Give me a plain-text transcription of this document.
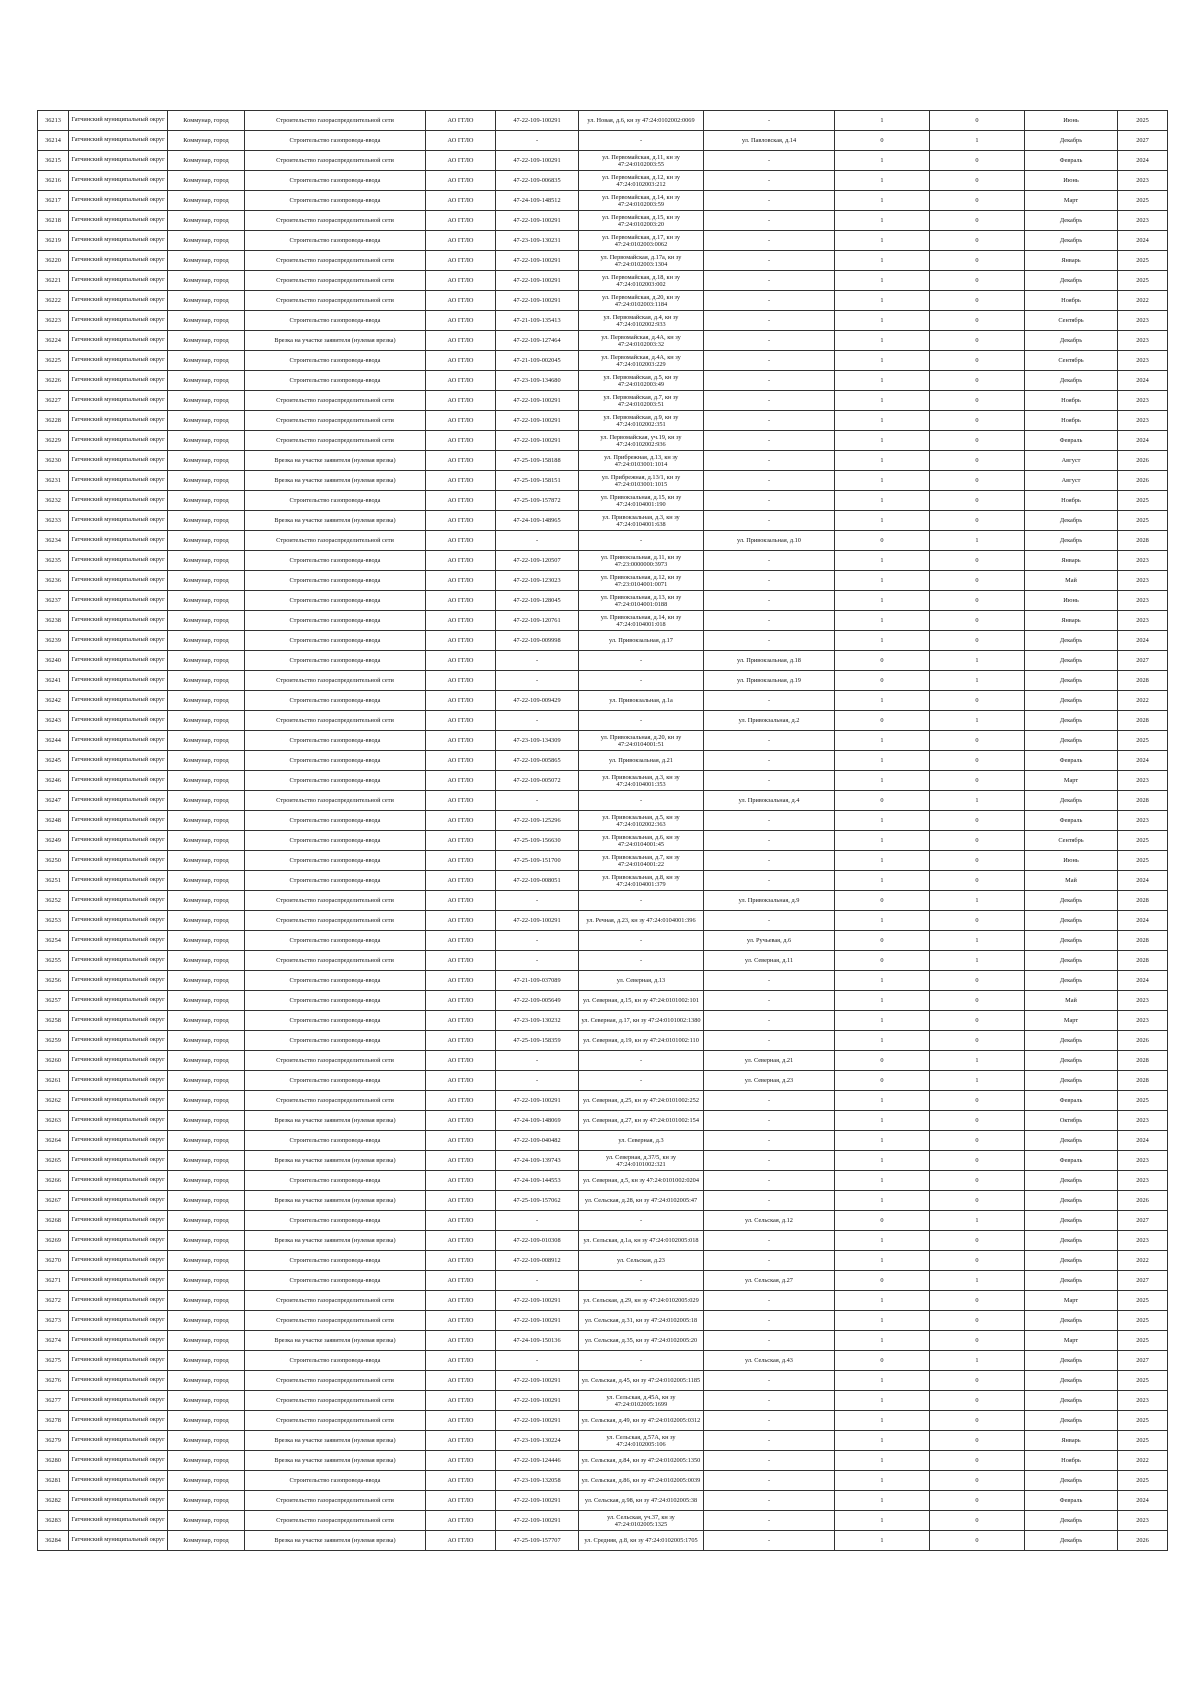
36213	Гатчинский муниципальный округ	Коммунар, город	Строительство газораспределительной сети	АО ГГЛО	47-22-109-100291	ул. Новая, д.6, кн зу 47:24:0102002:0069	-	1	0	Июнь	2025
36214	Гатчинский муниципальный округ	Коммунар, город	Строительство газопровода-ввода	АО ГГЛО	-	-	ул. Павловская, д.14	0	1	Декабрь	2027
36215	Гатчинский муниципальный округ	Коммунар, город	Строительство газораспределительной сети	АО ГГЛО	47-22-109-100291	ул. Первомайская, д.11, кн зу 47:24:0102003:55	-	1	0	Февраль	2024
36216	Гатчинский муниципальный округ	Коммунар, город	Строительство газопровода-ввода	АО ГГЛО	47-22-109-006835	ул. Первомайская, д.12, кн зу 47:24:0102003:212	-	1	0	Июнь	2023
36217	Гатчинский муниципальный округ	Коммунар, город	Строительство газопровода-ввода	АО ГГЛО	47-24-109-148512	ул. Первомайская, д.14, кн зу 47:24:0102003:59	-	1	0	Март	2025
36218	Гатчинский муниципальный округ	Коммунар, город	Строительство газораспределительной сети	АО ГГЛО	47-22-109-100291	ул. Первомайская, д.15, кн зу 47:24:0102003:20	-	1	0	Декабрь	2023
36219	Гатчинский муниципальный округ	Коммунар, город	Строительство газопровода-ввода	АО ГГЛО	47-23-109-130231	ул. Первомайская, д.17, кн зу 47:24:0102003:0062	-	1	0	Декабрь	2024
36220	Гатчинский муниципальный округ	Коммунар, город	Строительство газораспределительной сети	АО ГГЛО	47-22-109-100291	ул. Первомайская, д.17а, кн зу 47:24:0102003:1304	-	1	0	Январь	2025
36221	Гатчинский муниципальный округ	Коммунар, город	Строительство газораспределительной сети	АО ГГЛО	47-22-109-100291	ул. Первомайская, д.18, кн зу 47:24:0102003:002	-	1	0	Декабрь	2025
36222	Гатчинский муниципальный округ	Коммунар, город	Строительство газораспределительной сети	АО ГГЛО	47-22-109-100291	ул. Первомайская, д.20, кн зу 47:24:0102003:1184	-	1	0	Ноябрь	2022
36223	Гатчинский муниципальный округ	Коммунар, город	Строительство газопровода-ввода	АО ГГЛО	47-21-109-135413	ул. Первомайская, д.4, кн зу 47:24:0102002:933	-	1	0	Сентябрь	2023
36224	Гатчинский муниципальный округ	Коммунар, город	Врезка на участке заявителя (нулевая врезка)	АО ГГЛО	47-22-109-127464	ул. Первомайская, д.4А, кн зу 47:24:0102003:32	-	1	0	Декабрь	2023
36225	Гатчинский муниципальный округ	Коммунар, город	Строительство газопровода-ввода	АО ГГЛО	47-21-109-002045	ул. Первомайская, д.4А, кн зу 47:24:0102003:229	-	1	0	Сентябрь	2023
36226	Гатчинский муниципальный округ	Коммунар, город	Строительство газопровода-ввода	АО ГГЛО	47-23-109-134680	ул. Первомайская, д.5, кн зу 47:24:0102003:49	-	1	0	Декабрь	2024
36227	Гатчинский муниципальный округ	Коммунар, город	Строительство газораспределительной сети	АО ГГЛО	47-22-109-100291	ул. Первомайская, д.7, кн зу 47:24:0102003:51	-	1	0	Ноябрь	2023
36228	Гатчинский муниципальный округ	Коммунар, город	Строительство газораспределительной сети	АО ГГЛО	47-22-109-100291	ул. Первомайская, д.9, кн зу 47:24:0102002:351	-	1	0	Ноябрь	2023
36229	Гатчинский муниципальный округ	Коммунар, город	Строительство газораспределительной сети	АО ГГЛО	47-22-109-100291	ул. Первомайская, уч.19, кн зу 47:24:0102002:936	-	1	0	Февраль	2024
36230	Гатчинский муниципальный округ	Коммунар, город	Врезка на участке заявителя (нулевая врезка)	АО ГГЛО	47-25-109-158188	ул. Прибрежная, д.13, кн зу 47:24:0103001:1014	-	1	0	Август	2026
36231	Гатчинский муниципальный округ	Коммунар, город	Врезка на участке заявителя (нулевая врезка)	АО ГГЛО	47-25-109-158151	ул. Прибрежная, д.13/1, кн зу 47:24:0103001:1015	-	1	0	Август	2026
36232	Гатчинский муниципальный округ	Коммунар, город	Строительство газопровода-ввода	АО ГГЛО	47-25-109-157872	ул. Привокзальная, д.15, кн зу 47:24:0104001:190	-	1	0	Ноябрь	2025
36233	Гатчинский муниципальный округ	Коммунар, город	Врезка на участке заявителя (нулевая врезка)	АО ГГЛО	47-24-109-148965	ул. Привокзальная, д.3, кн зу 47:24:0104001:638	-	1	0	Декабрь	2025
36234	Гатчинский муниципальный округ	Коммунар, город	Строительство газораспределительной сети	АО ГГЛО	-	-	ул. Привокзальная, д.10	0	1	Декабрь	2028
36235	Гатчинский муниципальный округ	Коммунар, город	Строительство газопровода-ввода	АО ГГЛО	47-22-109-120507	ул. Привокзальная, д.11, кн зу 47:23:0000000:3973	-	1	0	Январь	2023
36236	Гатчинский муниципальный округ	Коммунар, город	Строительство газопровода-ввода	АО ГГЛО	47-22-109-123023	ул. Привокзальная, д.12, кн зу 47:23:0104001:0071	-	1	0	Май	2023
36237	Гатчинский муниципальный округ	Коммунар, город	Строительство газопровода-ввода	АО ГГЛО	47-22-109-128045	ул. Привокзальная, д.13, кн зу 47:24:0104001:0188	-	1	0	Июнь	2023
36238	Гатчинский муниципальный округ	Коммунар, город	Строительство газопровода-ввода	АО ГГЛО	47-22-109-120761	ул. Привокзальная, д.14, кн зу 47:24:0104001:018	-	1	0	Январь	2023
36239	Гатчинский муниципальный округ	Коммунар, город	Строительство газопровода-ввода	АО ГГЛО	47-22-109-009998	ул. Привокзальная, д.17	-	1	0	Декабрь	2024
36240	Гатчинский муниципальный округ	Коммунар, город	Строительство газопровода-ввода	АО ГГЛО	-	-	ул. Привокзальная, д.18	0	1	Декабрь	2027
36241	Гатчинский муниципальный округ	Коммунар, город	Строительство газораспределительной сети	АО ГГЛО	-	-	ул. Привокзальная, д.19	0	1	Декабрь	2028
36242	Гатчинский муниципальный округ	Коммунар, город	Строительство газопровода-ввода	АО ГГЛО	47-22-109-009429	ул. Привокзальная, д.1а	-	1	0	Декабрь	2022
36243	Гатчинский муниципальный округ	Коммунар, город	Строительство газораспределительной сети	АО ГГЛО	-	-	ул. Привокзальная, д.2	0	1	Декабрь	2028
36244	Гатчинский муниципальный округ	Коммунар, город	Строительство газопровода-ввода	АО ГГЛО	47-23-109-134309	ул. Привокзальная, д.20, кн зу 47:24:0104001:51	-	1	0	Декабрь	2025
36245	Гатчинский муниципальный округ	Коммунар, город	Строительство газопровода-ввода	АО ГГЛО	47-22-109-005865	ул. Привокзальная, д.21	-	1	0	Февраль	2024
36246	Гатчинский муниципальный округ	Коммунар, город	Строительство газопровода-ввода	АО ГГЛО	47-22-109-005072	ул. Привокзальная, д.3, кн зу 47:24:0104001:353	-	1	0	Март	2023
36247	Гатчинский муниципальный округ	Коммунар, город	Строительство газораспределительной сети	АО ГГЛО	-	-	ул. Привокзальная, д.4	0	1	Декабрь	2028
36248	Гатчинский муниципальный округ	Коммунар, город	Строительство газопровода-ввода	АО ГГЛО	47-22-109-125296	ул. Привокзальная, д.5, кн зу 47:24:0102002:363	-	1	0	Февраль	2023
36249	Гатчинский муниципальный округ	Коммунар, город	Строительство газопровода-ввода	АО ГГЛО	47-25-109-156630	ул. Привокзальная, д.6, кн зу 47:24:0104001:45	-	1	0	Сентябрь	2025
36250	Гатчинский муниципальный округ	Коммунар, город	Строительство газопровода-ввода	АО ГГЛО	47-25-109-151700	ул. Привокзальная, д.7, кн зу 47:24:0104001:22	-	1	0	Июнь	2025
36251	Гатчинский муниципальный округ	Коммунар, город	Строительство газопровода-ввода	АО ГГЛО	47-22-109-008051	ул. Привокзальная, д.8, кн зу 47:24:0104001:379	-	1	0	Май	2024
36252	Гатчинский муниципальный округ	Коммунар, город	Строительство газораспределительной сети	АО ГГЛО	-	-	ул. Привокзальная, д.9	0	1	Декабрь	2028
36253	Гатчинский муниципальный округ	Коммунар, город	Строительство газораспределительной сети	АО ГГЛО	47-22-109-100291	ул. Речная, д.23, кн зу 47:24:0104001:396	-	1	0	Декабрь	2024
36254	Гатчинский муниципальный округ	Коммунар, город	Строительство газопровода-ввода	АО ГГЛО	-	-	ул. Ручьевая, д.6	0	1	Декабрь	2028
36255	Гатчинский муниципальный округ	Коммунар, город	Строительство газораспределительной сети	АО ГГЛО	-	-	ул. Северная, д.11	0	1	Декабрь	2028
36256	Гатчинский муниципальный округ	Коммунар, город	Строительство газопровода-ввода	АО ГГЛО	47-21-109-037089	ул. Северная, д.13	-	1	0	Декабрь	2024
36257	Гатчинский муниципальный округ	Коммунар, город	Строительство газопровода-ввода	АО ГГЛО	47-22-109-005649	ул. Северная, д.15, кн зу 47:24:0101002:101	-	1	0	Май	2023
36258	Гатчинский муниципальный округ	Коммунар, город	Строительство газопровода-ввода	АО ГГЛО	47-23-109-130232	ул. Северная, д.17, кн зу 47:24:0101002:1380	-	1	0	Март	2023
36259	Гатчинский муниципальный округ	Коммунар, город	Строительство газопровода-ввода	АО ГГЛО	47-25-109-158359	ул. Северная, д.19, кн зу 47:24:0101002:110	-	1	0	Декабрь	2026
36260	Гатчинский муниципальный округ	Коммунар, город	Строительство газораспределительной сети	АО ГГЛО	-	-	ул. Северная, д.21	0	1	Декабрь	2028
36261	Гатчинский муниципальный округ	Коммунар, город	Строительство газопровода-ввода	АО ГГЛО	-	-	ул. Северная, д.23	0	1	Декабрь	2028
36262	Гатчинский муниципальный округ	Коммунар, город	Строительство газораспределительной сети	АО ГГЛО	47-22-109-100291	ул. Северная, д.25, кн зу 47:24:0101002:252	-	1	0	Февраль	2025
36263	Гатчинский муниципальный округ	Коммунар, город	Врезка на участке заявителя (нулевая врезка)	АО ГГЛО	47-24-109-148069	ул. Северная, д.27, кн зу 47:24:0101002:154	-	1	0	Октябрь	2023
36264	Гатчинский муниципальный округ	Коммунар, город	Строительство газопровода-ввода	АО ГГЛО	47-22-109-040482	ул. Северная, д.3	-	1	0	Декабрь	2024
36265	Гатчинский муниципальный округ	Коммунар, город	Врезка на участке заявителя (нулевая врезка)	АО ГГЛО	47-24-109-139743	ул. Северная, д.37/5, кн зу 47:24:0101002:321	-	1	0	Февраль	2023
36266	Гатчинский муниципальный округ	Коммунар, город	Строительство газопровода-ввода	АО ГГЛО	47-24-109-144553	ул. Северная, д.5, кн зу 47:24:0101002:0204	-	1	0	Декабрь	2023
36267	Гатчинский муниципальный округ	Коммунар, город	Врезка на участке заявителя (нулевая врезка)	АО ГГЛО	47-25-109-157062	ул. Сельская, д.28, кн зу 47:24:0102005:47	-	1	0	Декабрь	2026
36268	Гатчинский муниципальный округ	Коммунар, город	Строительство газопровода-ввода	АО ГГЛО	-	-	ул. Сельская, д.12	0	1	Декабрь	2027
36269	Гатчинский муниципальный округ	Коммунар, город	Врезка на участке заявителя (нулевая врезка)	АО ГГЛО	47-22-109-010308	ул. Сельская, д.1а, кн зу 47:24:0102005:018	-	1	0	Декабрь	2023
36270	Гатчинский муниципальный округ	Коммунар, город	Строительство газопровода-ввода	АО ГГЛО	47-22-109-008912	ул. Сельская, д.23	-	1	0	Декабрь	2022
36271	Гатчинский муниципальный округ	Коммунар, город	Строительство газопровода-ввода	АО ГГЛО	-	-	ул. Сельская, д.27	0	1	Декабрь	2027
36272	Гатчинский муниципальный округ	Коммунар, город	Строительство газораспределительной сети	АО ГГЛО	47-22-109-100291	ул. Сельская, д.29, кн зу 47:24:0102005:029	-	1	0	Март	2025
36273	Гатчинский муниципальный округ	Коммунар, город	Строительство газораспределительной сети	АО ГГЛО	47-22-109-100291	ул. Сельская, д.31, кн зу 47:24:0102005:18	-	1	0	Декабрь	2025
36274	Гатчинский муниципальный округ	Коммунар, город	Врезка на участке заявителя (нулевая врезка)	АО ГГЛО	47-24-109-150136	ул. Сельская, д.35, кн зу 47:24:0102005:20	-	1	0	Март	2025
36275	Гатчинский муниципальный округ	Коммунар, город	Строительство газопровода-ввода	АО ГГЛО	-	-	ул. Сельская, д.43	0	1	Декабрь	2027
36276	Гатчинский муниципальный округ	Коммунар, город	Строительство газораспределительной сети	АО ГГЛО	47-22-109-100291	ул. Сельская, д.45, кн зу 47:24:0102005:1185	-	1	0	Декабрь	2025
36277	Гатчинский муниципальный округ	Коммунар, город	Строительство газораспределительной сети	АО ГГЛО	47-22-109-100291	ул. Сельская, д.45А, кн зу 47:24:0102005:1699	-	1	0	Декабрь	2023
36278	Гатчинский муниципальный округ	Коммунар, город	Строительство газораспределительной сети	АО ГГЛО	47-22-109-100291	ул. Сельская, д.49, кн зу 47:24:0102005:0312	-	1	0	Декабрь	2025
36279	Гатчинский муниципальный округ	Коммунар, город	Врезка на участке заявителя (нулевая врезка)	АО ГГЛО	47-23-109-130224	ул. Сельская, д.57А, кн зу 47:24:0102005:106	-	1	0	Январь	2025
36280	Гатчинский муниципальный округ	Коммунар, город	Врезка на участке заявителя (нулевая врезка)	АО ГГЛО	47-22-109-124446	ул. Сельская, д.84, кн зу 47:24:0102005:1350	-	1	0	Ноябрь	2022
36281	Гатчинский муниципальный округ	Коммунар, город	Строительство газопровода-ввода	АО ГГЛО	47-23-109-132058	ул. Сельская, д.86, кн зу 47:24:0102005:0039	-	1	0	Декабрь	2025
36282	Гатчинский муниципальный округ	Коммунар, город	Строительство газораспределительной сети	АО ГГЛО	47-22-109-100291	ул. Сельская, д.98, кн зу 47:24:0102005:38	-	1	0	Февраль	2024
36283	Гатчинский муниципальный округ	Коммунар, город	Строительство газораспределительной сети	АО ГГЛО	47-22-109-100291	ул. Сельская, уч.37, кн зу 47:24:0102005:1325	-	1	0	Декабрь	2023
36284	Гатчинский муниципальный округ	Коммунар, город	Врезка на участке заявителя (нулевая врезка)	АО ГГЛО	47-25-109-157707	ул. Средняя, д.8, кн зу 47:24:0102005:1705	-	1	0	Декабрь	2026
